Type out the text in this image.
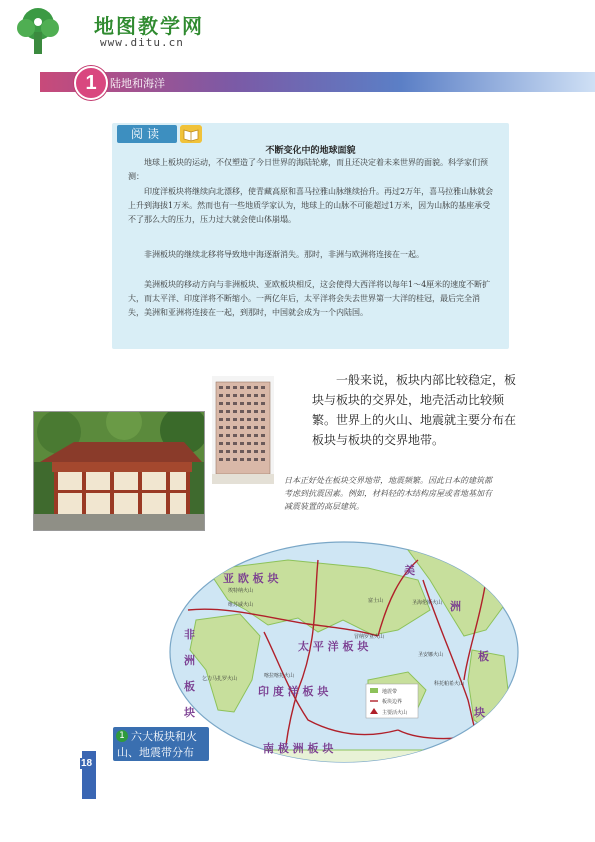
地图教学网
www.ditu.cn
1	陆地和海洋
阅读
不断变化中的地球面貌

地球上板块的运动，不仅塑造了今日世界的海陆轮廓，而且还决定着未来世界的面貌。科学家们预测：

印度洋板块将继续向北漂移，使青藏高原和喜马拉雅山脉继续抬升。再过2万年，喜马拉雅山脉就会上升到海拔1万米。然而也有一些地质学家认为，地球上的山脉不可能超过1万米，因为山脉的基座承受不了那么大的压力，压力过大就会使山体崩塌。

非洲板块的继续北移将导致地中海逐渐消失。那时，非洲与欧洲将连接在一起。

美洲板块的移动方向与非洲板块、亚欧板块相反，这会使得大西洋将以每年1～4厘米的速度不断扩大，而太平洋、印度洋将不断缩小。一两亿年后，太平洋将会失去世界第一大洋的桂冠，最后完全消失，美洲和亚洲将连接在一起，到那时，中国就会成为一个内陆国。

一般来说，板块内部比较稳定，板块与板块的交界处，地壳活动比较频繁。世界上的火山、地震就主要分布在板块与板块的交界地带。

日本正好处在板块交界地带，地震频繁。因此日本的建筑都考虑到抗震因素。例如，材料轻的木结构房屋或者地基加有减震装置的高层建筑。

亚 欧 板 块
非
洲
板
块
印 度 洋 板 块
太 平 洋 板 块
南 极 洲 板 块
美
洲
板
块
埃特纳火山
富士山
乞力马扎罗火山
维苏威火山
喀拉喀托火山
冒纳罗亚火山
圣海伦斯火山
科托帕希火山
圣安娜火山
地震带
板块边界
主要活火山
1 六大板块和火
山、地震带分布
18
